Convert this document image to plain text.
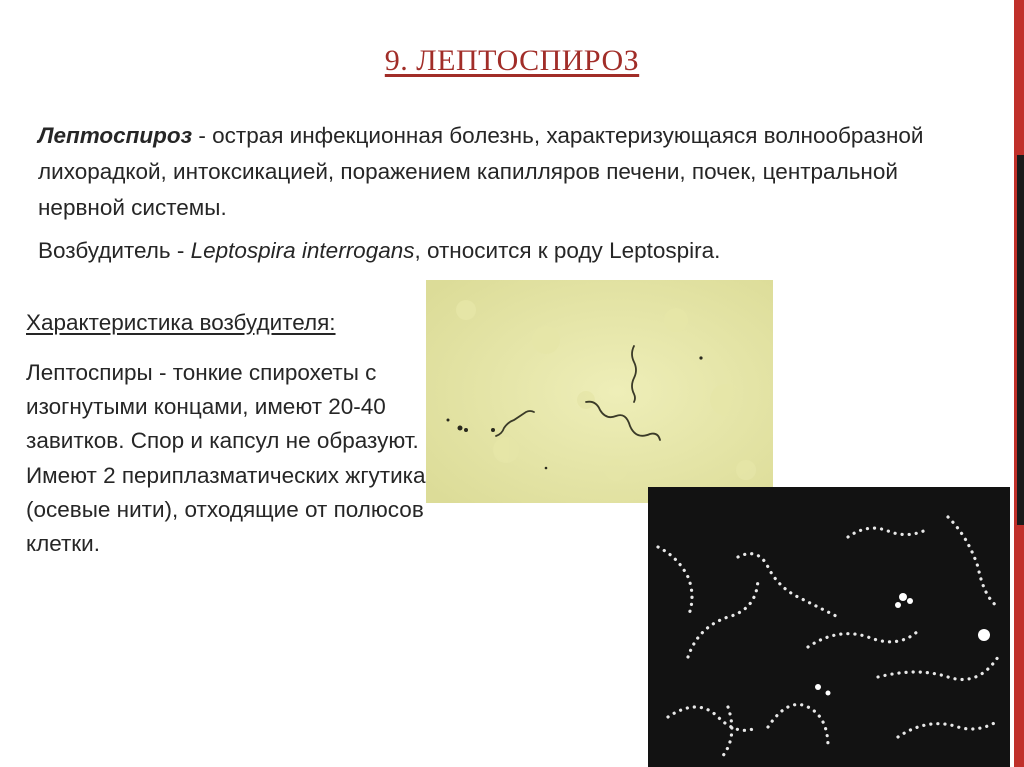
9. ЛЕПТОСПИРОЗ
Лептоспироз - острая инфекционная болезнь, характеризующаяся волнообразной лихорадкой, интоксикацией, поражением капилляров печени, почек, центральной нервной системы.
Возбудитель - Leptospira interrogans, относится к роду Leptospira.
Характеристика возбудителя:
Лептоспиры - тонкие спирохеты с изогнутыми концами, имеют 20-40 завитков. Спор и капсул не образуют. Имеют 2 периплазматических жгутика (осевые нити), отходящие от полюсов клетки.
